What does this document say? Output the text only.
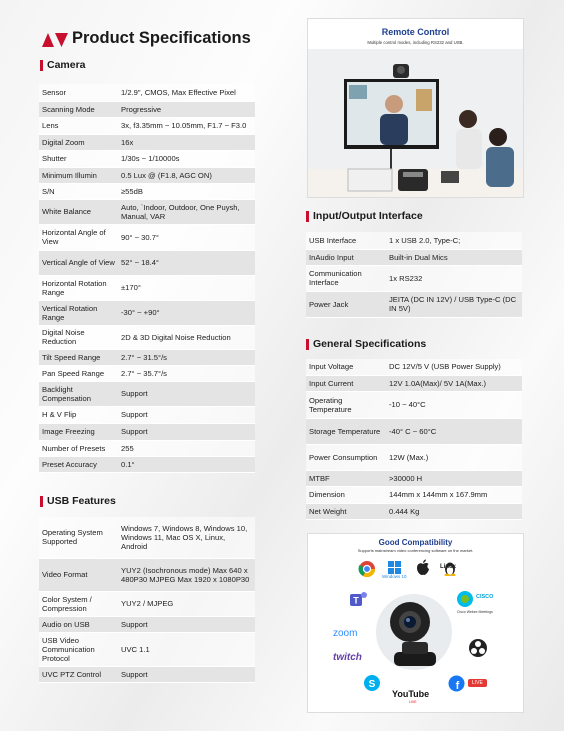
Product Specifications
Camera
Sensor	1/2.9", CMOS, Max Effective Pixel
Scanning Mode	Progressive
Lens	3x, f3.35mm ~ 10.05mm, F1.7 ~ F3.0
Digital Zoom	16x
Shutter	1/30s ~ 1/10000s
Minimum Illumin	0.5 Lux @ (F1.8, AGC ON)
S/N	≥55dB
White Balance	Auto, `Indoor, Outdoor, One Puysh, Manual, VAR
Horizontal Angle of View	90° ~ 30.7°
Vertical Angle of View	52° ~ 18.4°
Horizontal Rotation Range	±170°
Vertical Rotation Range	-30° ~ +90°
Digital Noise Reduction	2D & 3D Digital Noise Reduction
Tilt Speed Range	2.7° ~ 31.5°/s
Pan Speed Range	2.7° ~ 35.7°/s
Backlight Compensation	Support
H & V Flip	Support
Image Freezing	Support
Number of Presets	255
Preset Accuracy	0.1°
USB Features
Operating System Supported	Windows 7, Windows 8, Windows 10, Windows 11, Mac OS X, Linux, Android
Video Format	YUY2 (Isochronous mode) Max 640 x 480P30 MJPEG Max 1920 x 1080P30
Color System / Compression	YUY2 / MJPEG
Audio on USB	Support
USB Video Communication Protocol	UVC 1.1
UVC PTZ Control	Support
Remote Control
Multiple control modes, including RS232 and USB.
Input/Output Interface
USB Interface	1 x USB 2.0, Type-C;
InAudio Input	Built-in Dual Mics
Communication Interface	1x RS232
Power Jack	JEITA (DC IN 12V) / USB Type-C (DC IN 5V)
General Specifications
Input Voltage	DC 12V/5 V (USB Power Supply)
Input Current	12V 1.0A(Max)/ 5V 1A(Max.)
Operating Temperature	-10 ~ 40°C
Storage Temperature	-40° C ~ 60°C
Power Consumption	12W (Max.)
MTBF	>30000 H
Dimension	144mm x 144mm x 167.9mm
Net Weight	0.444 Kg
Good Compatibility
Supports mainstream video conferencing software on the market.
Windows 10
Linux
T
zoom
twitch
CISCO
Cisco Webex Meetings
S
YouTube
LIVE
f	LIVE
